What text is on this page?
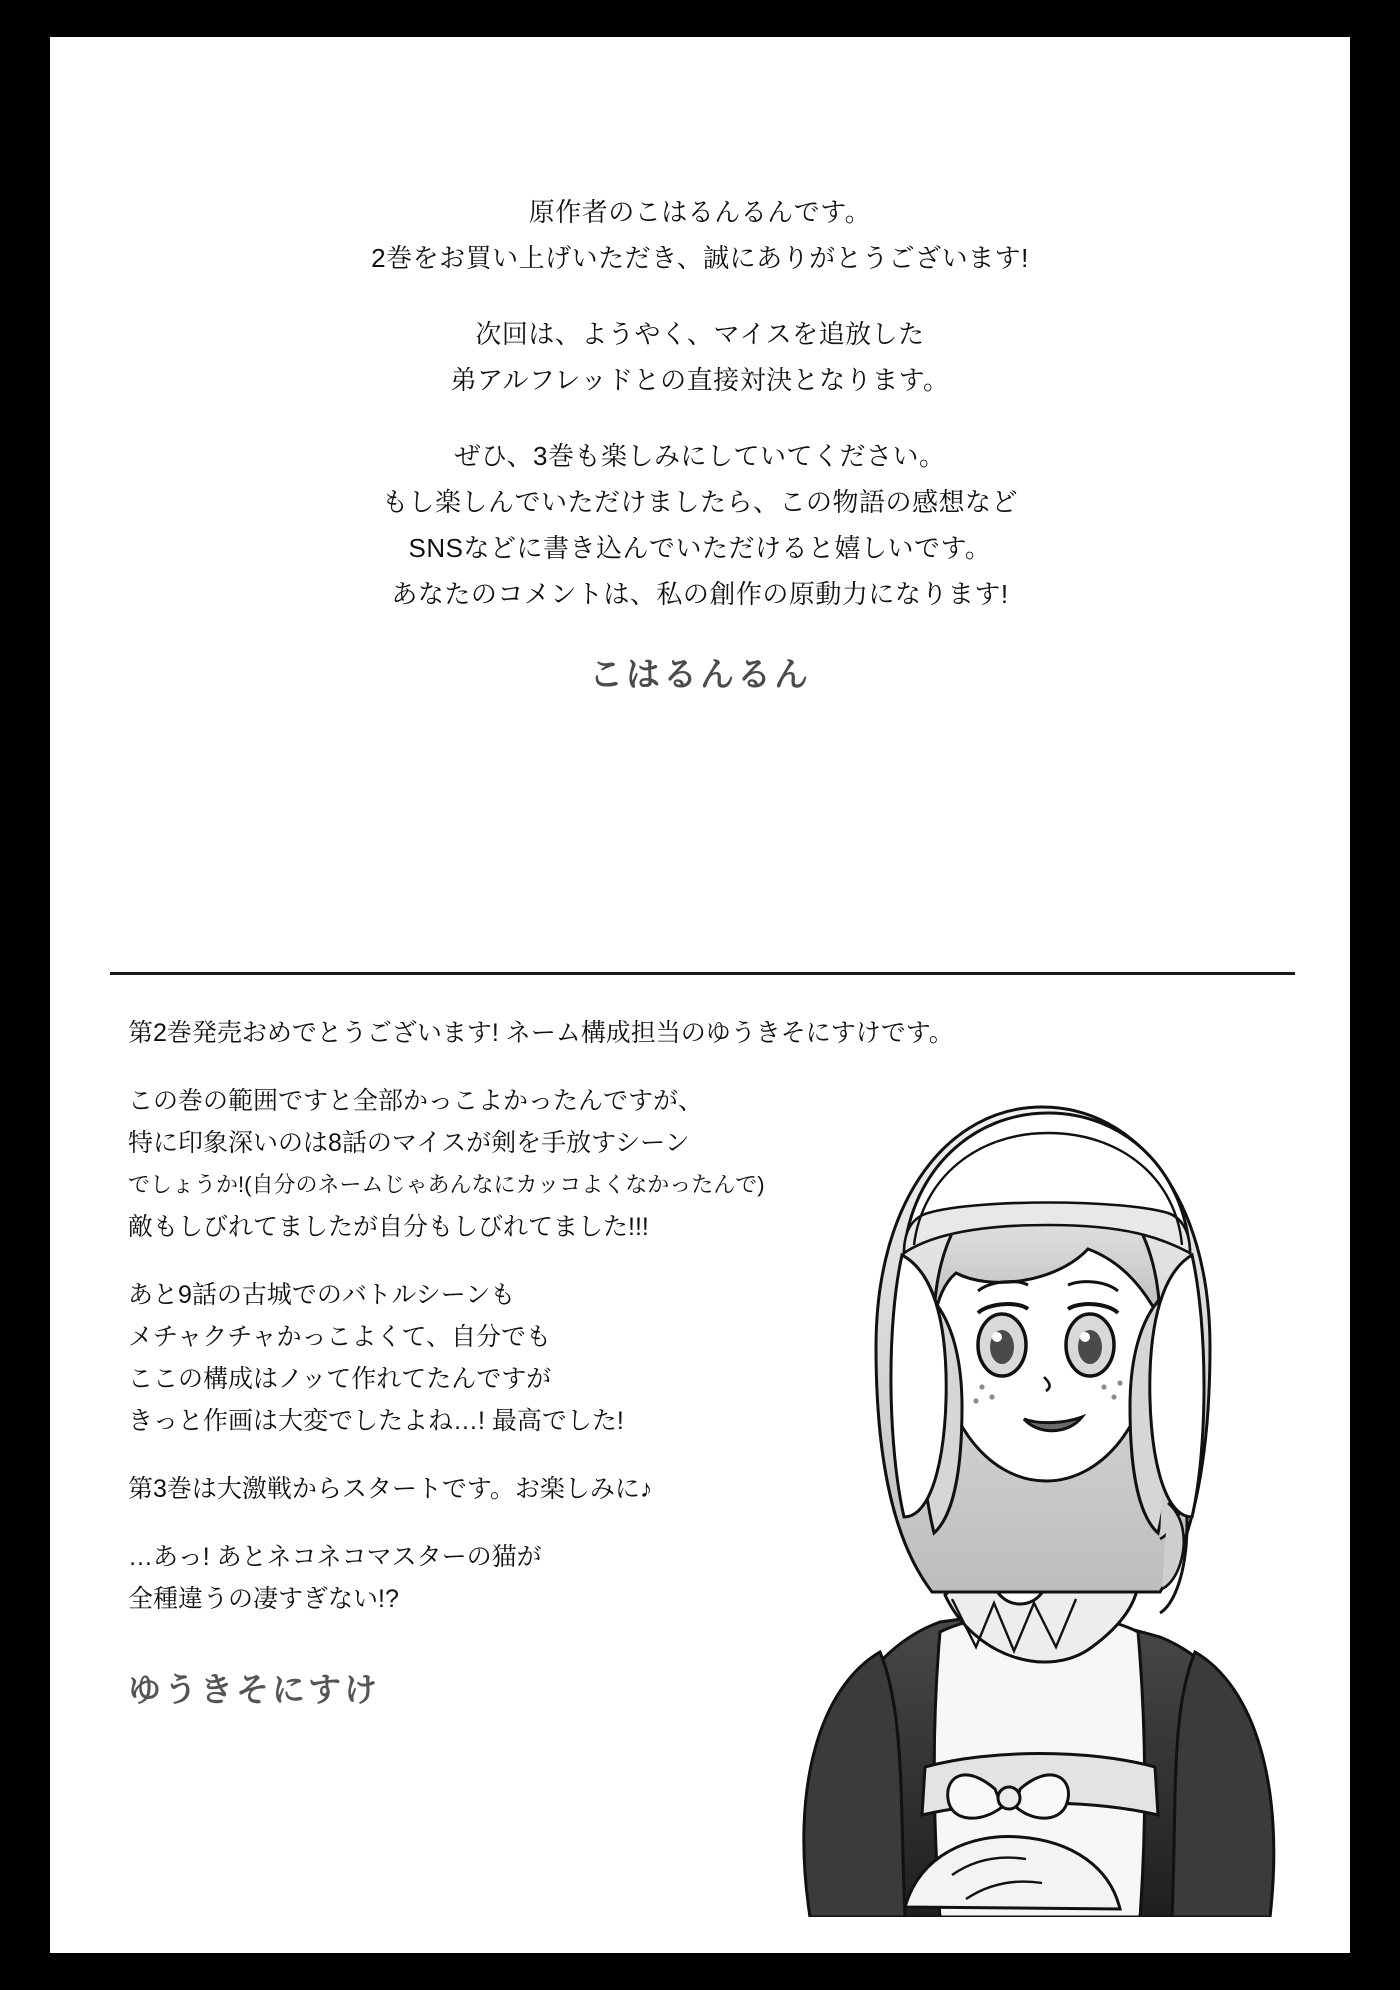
原作者のこはるんるんです。
2巻をお買い上げいただき、誠にありがとうございます!
次回は、ようやく、マイスを追放した
弟アルフレッドとの直接対決となります。
ぜひ、3巻も楽しみにしていてください。
もし楽しんでいただけましたら、この物語の感想など
SNSなどに書き込んでいただけると嬉しいです。
あなたのコメントは、私の創作の原動力になります!
こはるんるん
第2巻発売おめでとうございます! ネーム構成担当のゆうきそにすけです。
この巻の範囲ですと全部かっこよかったんですが、
特に印象深いのは8話のマイスが剣を手放すシーン
でしょうか!(自分のネームじゃあんなにカッコよくなかったんで)
敵もしびれてましたが自分もしびれてました!!!
あと9話の古城でのバトルシーンも
メチャクチャかっこよくて、自分でも
ここの構成はノッて作れてたんですが
きっと作画は大変でしたよね…! 最高でした!
第3巻は大激戦からスタートです。お楽しみに♪
…あっ! あとネコネコマスターの猫が
全種違うの凄すぎない!?
ゆうきそにすけ
